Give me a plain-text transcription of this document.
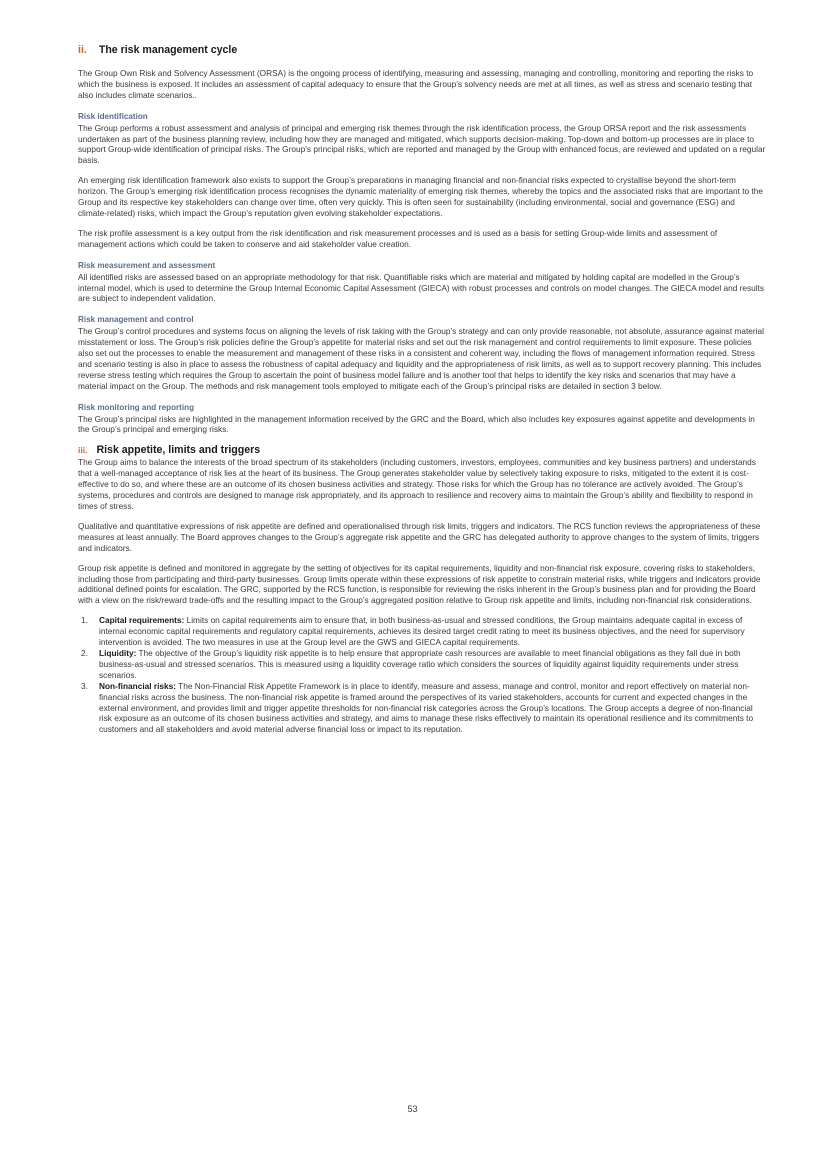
ii. The risk management cycle

The Group Own Risk and Solvency Assessment (ORSA) is the ongoing process of identifying, measuring and assessing, managing and controlling, monitoring and reporting the risks to which the business is exposed. It includes an assessment of capital adequacy to ensure that the Group’s solvency needs are met at all times, as well as stress and scenario testing that also includes climate scenarios..

Risk identification

The Group performs a robust assessment and analysis of principal and emerging risk themes through the risk identification process, the Group ORSA report and the risk assessments undertaken as part of the business planning review, including how they are managed and mitigated, which supports decision-making. Top-down and bottom-up processes are in place to support Group-wide identification of principal risks. The Group’s principal risks, which are reported and managed by the Group with enhanced focus, are reviewed and updated on a regular basis.

An emerging risk identification framework also exists to support the Group’s preparations in managing financial and non-financial risks expected to crystallise beyond the short-term horizon. The Group’s emerging risk identification process recognises the dynamic materiality of emerging risk themes, whereby the topics and the associated risks that are important to the Group and its respective key stakeholders can change over time, often very quickly. This is often seen for sustainability (including environmental, social and governance (ESG) and climate-related) risks, which impact the Group’s reputation given evolving stakeholder expectations.

The risk profile assessment is a key output from the risk identification and risk measurement processes and is used as a basis for setting Group-wide limits and assessment of management actions which could be taken to conserve and aid stakeholder value creation.

Risk measurement and assessment

All identified risks are assessed based on an appropriate methodology for that risk. Quantifiable risks which are material and mitigated by holding capital are modelled in the Group’s internal model, which is used to determine the Group Internal Economic Capital Assessment (GIECA) with robust processes and controls on model changes. The GIECA model and results are subject to independent validation.

Risk management and control

The Group’s control procedures and systems focus on aligning the levels of risk taking with the Group’s strategy and can only provide reasonable, not absolute, assurance against material misstatement or loss. The Group’s risk policies define the Group’s appetite for material risks and set out the risk management and control requirements to limit exposure. These policies also set out the processes to enable the measurement and management of these risks in a consistent and coherent way, including the flows of management information required. Stress and scenario testing is also in place to assess the robustness of capital adequacy and liquidity and the appropriateness of risk limits, as well as to support recovery planning. This includes reverse stress testing which requires the Group to ascertain the point of business model failure and is another tool that helps to identify the key risks and scenarios that may have a material impact on the Group. The methods and risk management tools employed to mitigate each of the Group’s principal risks are detailed in section 3 below.

Risk monitoring and reporting

The Group’s principal risks are highlighted in the management information received by the GRC and the Board, which also includes key exposures against appetite and developments in the Group’s principal and emerging risks.

iii. Risk appetite, limits and triggers

The Group aims to balance the interests of the broad spectrum of its stakeholders (including customers, investors, employees, communities and key business partners) and understands that a well-managed acceptance of risk lies at the heart of its business. The Group generates stakeholder value by selectively taking exposure to risks, mitigated to the extent it is cost-effective to do so, and where these are an outcome of its chosen business activities and strategy. Those risks for which the Group has no tolerance are actively avoided. The Group’s systems, procedures and controls are designed to manage risk appropriately, and its approach to resilience and recovery aims to maintain the Group’s ability and flexibility to respond in times of stress.

Qualitative and quantitative expressions of risk appetite are defined and operationalised through risk limits, triggers and indicators. The RCS function reviews the appropriateness of these measures at least annually. The Board approves changes to the Group’s aggregate risk appetite and the GRC has delegated authority to approve changes to the system of limits, triggers and indicators.

Group risk appetite is defined and monitored in aggregate by the setting of objectives for its capital requirements, liquidity and non-financial risk exposure, covering risks to stakeholders, including those from participating and third-party businesses. Group limits operate within these expressions of risk appetite to constrain material risks, while triggers and indicators provide additional defined points for escalation. The GRC, supported by the RCS function, is responsible for reviewing the risks inherent in the Group’s business plan and for providing the Board with a view on the risk/reward trade-offs and the resulting impact to the Group’s aggregated position relative to Group risk appetite and limits, including non-financial risk considerations.

1. Capital requirements: Limits on capital requirements aim to ensure that, in both business-as-usual and stressed conditions, the Group maintains adequate capital in excess of internal economic capital requirements and regulatory capital requirements, achieves its desired target credit rating to meet its business objectives, and the need for supervisory intervention is avoided. The two measures in use at the Group level are the GWS and GIECA capital requirements.
2. Liquidity: The objective of the Group’s liquidity risk appetite is to help ensure that appropriate cash resources are available to meet financial obligations as they fall due in both business-as-usual and stressed scenarios. This is measured using a liquidity coverage ratio which considers the sources of liquidity against liquidity requirements under stress scenarios.
3. Non-financial risks: The Non-Financial Risk Appetite Framework is in place to identify, measure and assess, manage and control, monitor and report effectively on material non-financial risks across the business. The non-financial risk appetite is framed around the perspectives of its varied stakeholders, accounts for current and expected changes in the external environment, and provides limit and trigger appetite thresholds for non-financial risk categories across the Group’s locations. The Group accepts a degree of non-financial risk exposure as an outcome of its chosen business activities and strategy, and aims to manage these risks effectively to maintain its operational resilience and its commitments to customers and all stakeholders and avoid material adverse financial loss or impact to its reputation.
53
